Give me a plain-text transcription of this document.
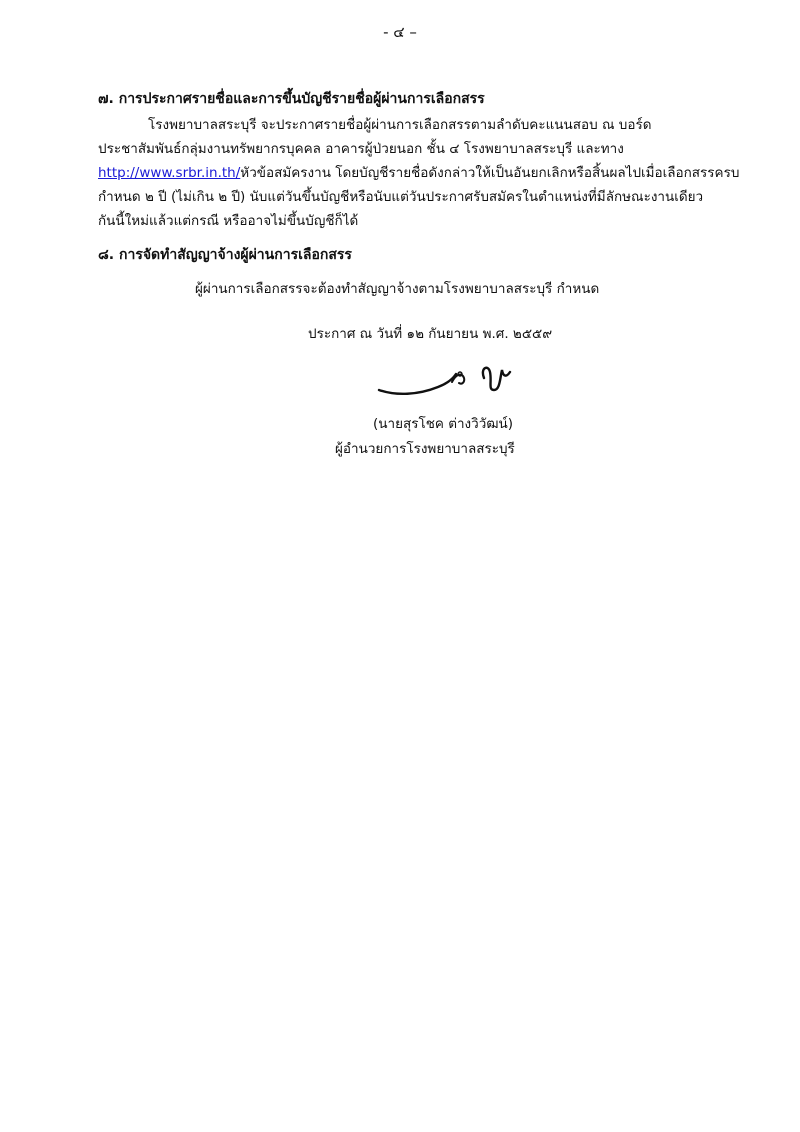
- ๔ –
๗. การประกาศรายชื่อและการขึ้นบัญชีรายชื่อผู้ผ่านการเลือกสรร
โรงพยาบาลสระบุรี จะประกาศรายชื่อผู้ผ่านการเลือกสรรตามลำดับคะแนนสอบ ณ บอร์ด
ประชาสัมพันธ์กลุ่มงานทรัพยากรบุคคล อาคารผู้ป่วยนอก ชั้น ๔ โรงพยาบาลสระบุรี และทาง
http://www.srbr.in.th/หัวข้อสมัครงาน โดยบัญชีรายชื่อดังกล่าวให้เป็นอันยกเลิกหรือสิ้นผลไปเมื่อเลือกสรรครบ
กำหนด ๒ ปี (ไม่เกิน ๒ ปี) นับแต่วันขึ้นบัญชีหรือนับแต่วันประกาศรับสมัครในตำแหน่งที่มีลักษณะงานเดียว
กันนี้ใหม่แล้วแต่กรณี หรืออาจไม่ขึ้นบัญชีก็ได้
๘. การจัดทำสัญญาจ้างผู้ผ่านการเลือกสรร
ผู้ผ่านการเลือกสรรจะต้องทำสัญญาจ้างตามโรงพยาบาลสระบุรี กำหนด
ประกาศ ณ วันที่ ๑๒ กันยายน พ.ศ. ๒๕๕๙
(นายสุรโชค ต่างวิวัฒน์)
ผู้อำนวยการโรงพยาบาลสระบุรี
